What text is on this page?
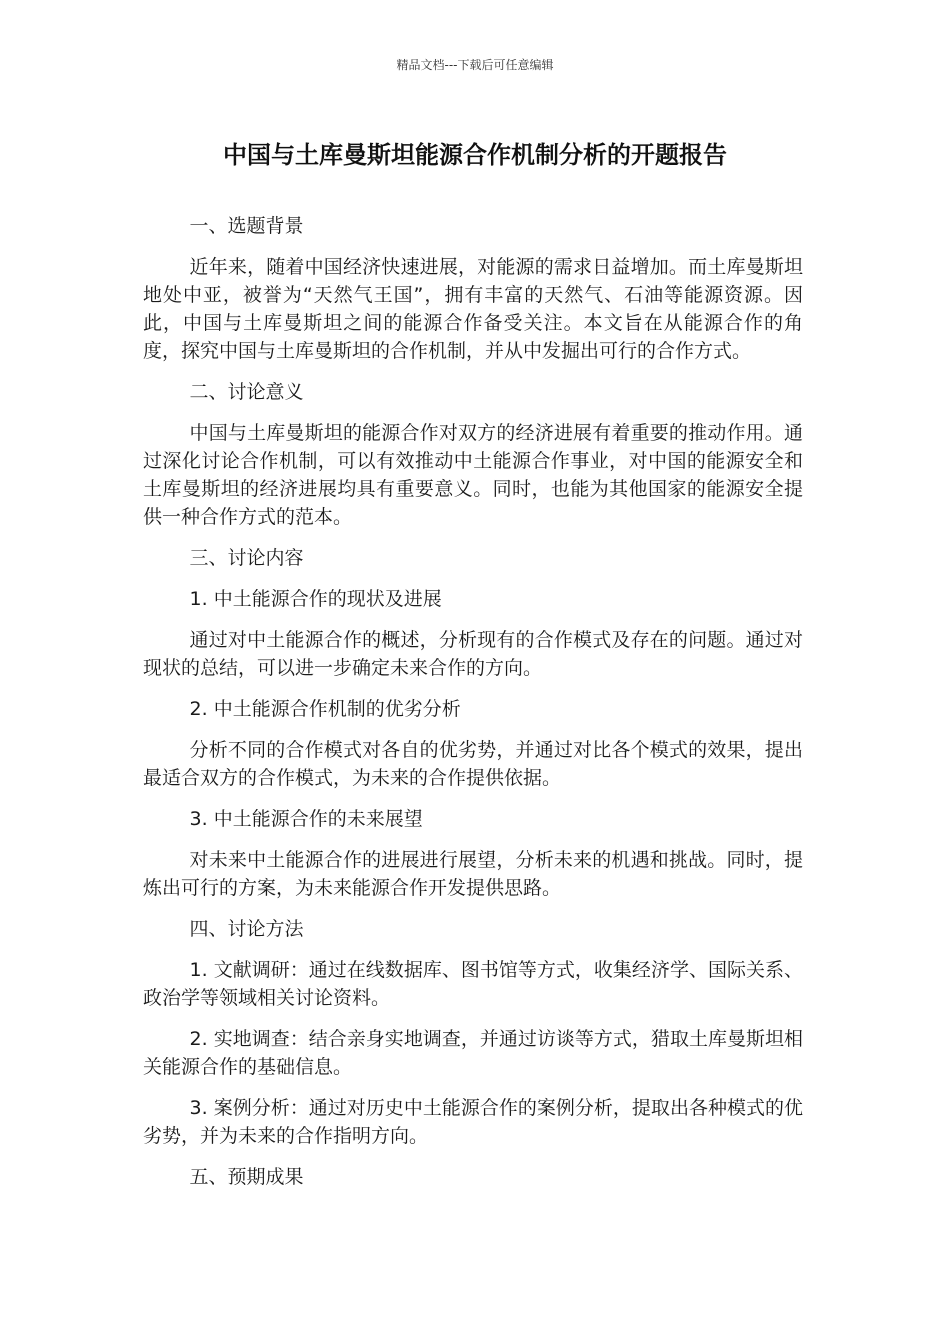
精品文档---下载后可任意编辑
中国与土库曼斯坦能源合作机制分析的开题报告

一、选题背景

近年来，随着中国经济快速进展，对能源的需求日益增加。而土库曼斯坦地处中亚，被誉为“天然气王国”，拥有丰富的天然气、石油等能源资源。因此，中国与土库曼斯坦之间的能源合作备受关注。本文旨在从能源合作的角度，探究中国与土库曼斯坦的合作机制，并从中发掘出可行的合作方式。

二、讨论意义

中国与土库曼斯坦的能源合作对双方的经济进展有着重要的推动作用。通过深化讨论合作机制，可以有效推动中土能源合作事业，对中国的能源安全和土库曼斯坦的经济进展均具有重要意义。同时，也能为其他国家的能源安全提供一种合作方式的范本。

三、讨论内容

1. 中土能源合作的现状及进展

通过对中土能源合作的概述，分析现有的合作模式及存在的问题。通过对现状的总结，可以进一步确定未来合作的方向。

2. 中土能源合作机制的优劣分析

分析不同的合作模式对各自的优劣势，并通过对比各个模式的效果，提出最适合双方的合作模式，为未来的合作提供依据。

3. 中土能源合作的未来展望

对未来中土能源合作的进展进行展望，分析未来的机遇和挑战。同时，提炼出可行的方案，为未来能源合作开发提供思路。

四、讨论方法

1. 文献调研：通过在线数据库、图书馆等方式，收集经济学、国际关系、政治学等领域相关讨论资料。

2. 实地调查：结合亲身实地调查，并通过访谈等方式，猎取土库曼斯坦相关能源合作的基础信息。

3. 案例分析：通过对历史中土能源合作的案例分析，提取出各种模式的优劣势，并为未来的合作指明方向。

五、预期成果
